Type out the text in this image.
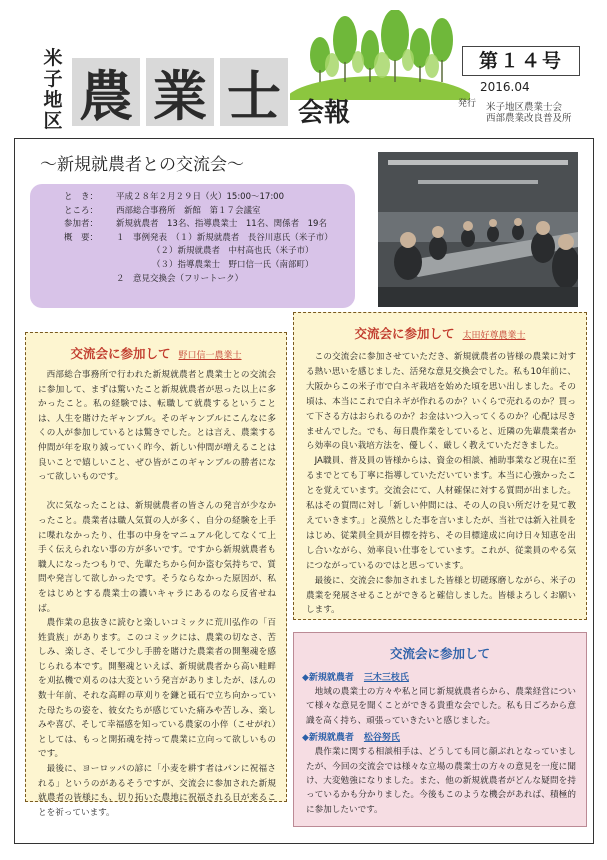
米子地区 農 業 士 会報
第１４号
2016.04
発行 米子地区農業士会
西部農業改良普及所
～新規就農者との交流会～
と　き：	平成２８年２月２９日（火）15:00～17:00
ところ：	西部総合事務所　新館　第１７会議室
参加者：	新規就農者　13名、指導農業士　11名、関係者　19名
概　要：	１　事例発表　（１）新規就農者　長谷川恵氏（米子市）
（２）新規就農者　中村高也氏（米子市）
（３）指導農業士　野口信一氏（南部町）
２　意見交換会（フリートーク）
交流会に参加して 野口信一農業士

西部総合事務所で行われた新規就農者と農業士との交流会に参加して、まずは驚いたこと新規就農者が思った以上に多かったこと。私の経験では、転職して就農するということは、人生を賭けたギャンブル。そのギャンブルにこんなに多くの人が参加しているとは驚きでした。とは言え、農業する仲間が年を取り減っていく昨今、新しい仲間が増えることは良いことで嬉しいこと、ぜひ皆がこのギャンブルの勝者になって欲しいものです。

次に気なったことは、新規就農者の皆さんの発言が少なかったこと。農業者は職人気質の人が多く、自分の経験を上手に喋れなかったり、仕事の中身をマニュアル化してなくて上手く伝えられない事の方が多いです。ですから新規就農者も職人になったつもりで、先輩たちから何か盗む気持ちで、質問や発言して欲しかったです。そうならなかった原因が、私をはじめとする農業士の濃いキャラにあるのなら反省せねば。

農作業の息抜きに読むと楽しいコミックに荒川弘作の「百姓貴族」があります。このコミックには、農業の切なさ、苦しみ、楽しさ、そして少し手勝を賭けた農業者の開墾魂を感じられる本です。開墾魂といえば、新規就農者から高い畦畔を刈払機で刈るのは大変という発言がありましたが、ほんの数十年前、それな高畔の草刈りを鎌と砥石で立ち向かっていた母たちの姿を、彼女たちが感じていた痛みや苦しみ、楽しみや喜び、そして幸福感を知っている農家の小倅（こせがれ）としては、もっと開拓魂を持って農業に立向って欲しいものです。

最後に、ヨーロッパの諺に「小麦を耕す者はパンに祝福される」というのがあるそうですが、交流会に参加された新規就農者の皆様にも、切り拓いた農地に祝福される日が来ることを祈っています。

交流会に参加して 太田好尊農業士

この交流会に参加させていただき、新規就農者の皆様の農業に対する熱い思いを感じました、活発な意見交換会でした。私も10年前に、大阪からこの米子市で白ネギ栽培を始めた頃を思い出しました。その頃は、本当にこれで白ネギが作れるのか？いくらで売れるのか？買って下さる方はおられるのか？お金はいつ入ってくるのか？心配は尽きませんでした。でも、毎日農作業をしていると、近隣の先輩農業者から効率の良い栽培方法を、優しく、厳しく教えていただきました。

JA職員、普及員の皆様からは、資金の相談、補助事業など現在に至るまでとても丁寧に指導していただいています。本当に心強かったことを覚えています。交流会にて、人材確保に対する質問が出ました。私はその質問に対し「新しい仲間には、その人の良い所だけを見て教えていきます。」と漠然とした事を言いましたが、当社では新入社員をはじめ、従業員全員が目標を持ち、その目標達成に向け日々知恵を出し合いながら、効率良い仕事をしています。これが、従業員のやる気につながっているのではと思っています。

最後に、交流会に参加されました皆様と切磋琢磨しながら、米子の農業を発展させることができると確信しました。皆様よろしくお願いします。

交流会に参加して
◆新規就農者 三木三枝氏

地域の農業士の方々や私と同じ新規就農者らから、農業経営について様々な意見を聞くことができる貴重な会でした。私も日ごろから意識を高く持ち、頑張っていきたいと感じました。

◆新規就農者 松谷努氏

農作業に関する相談相手は、どうしても同じ顔ぶれとなっていましたが、今回の交流会では様々な立場の農業士の方々の意見を一度に聞け、大変勉強になりました。また、他の新規就農者がどんな疑問を持っているかも分かりました。今後もこのような機会があれば、積極的に参加したいです。
